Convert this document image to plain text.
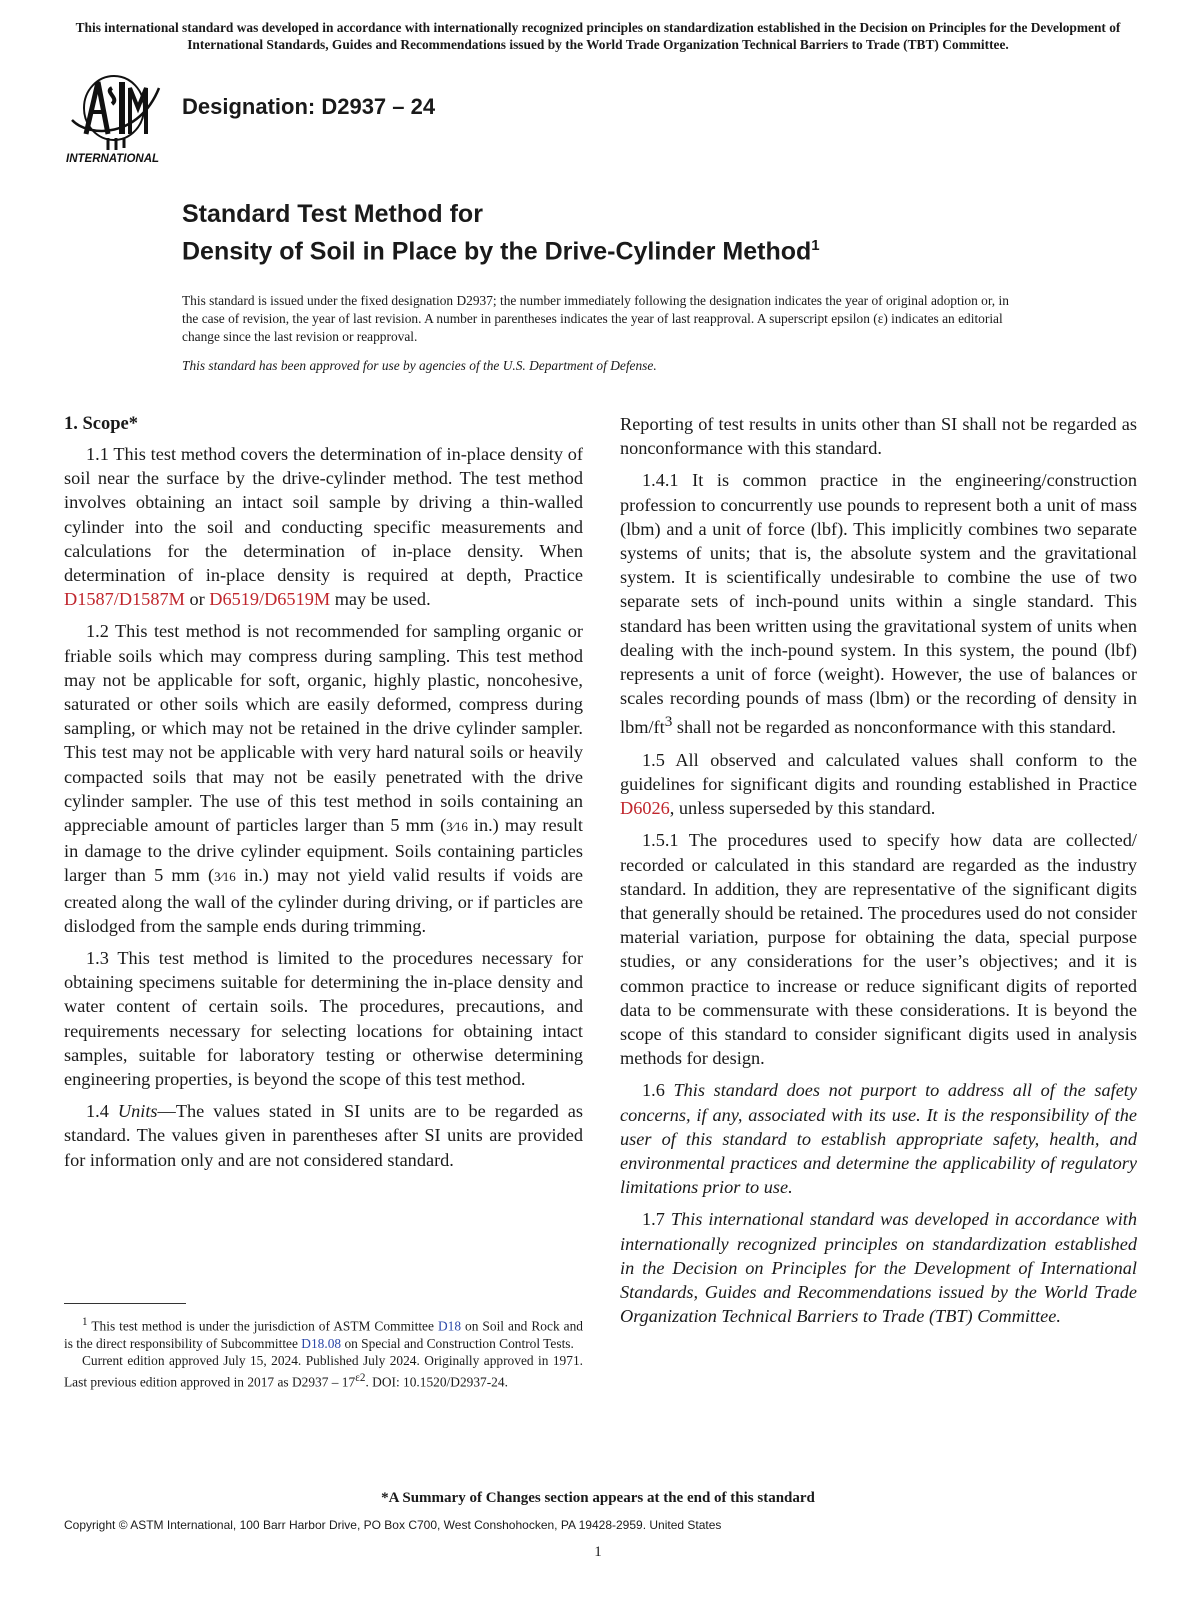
This international standard was developed in accordance with internationally recognized principles on standardization established in the Decision on Principles for the Development of International Standards, Guides and Recommendations issued by the World Trade Organization Technical Barriers to Trade (TBT) Committee.
INTERNATIONAL
Designation: D2937 – 24
Standard Test Method for
Density of Soil in Place by the Drive-Cylinder Method$^1$
This standard is issued under the fixed designation D2937; the number immediately following the designation indicates the year of original adoption or, in the case of revision, the year of last revision. A number in parentheses indicates the year of last reapproval. A superscript epsilon (ε) indicates an editorial change since the last revision or reapproval.
This standard has been approved for use by agencies of the U.S. Department of Defense.
1. Scope*

1.1 This test method covers the determination of in-place density of soil near the surface by the drive-cylinder method. The test method involves obtaining an intact soil sample by driving a thin-walled cylinder into the soil and conducting specific measurements and calculations for the determination of in-place density. When determination of in-place density is required at depth, Practice D1587/D1587M or D6519/D6519M may be used.

1.2 This test method is not recommended for sampling organic or friable soils which may compress during sampling. This test method may not be applicable for soft, organic, highly plastic, noncohesive, saturated or other soils which are easily deformed, compress during sampling, or which may not be retained in the drive cylinder sampler. This test may not be applicable with very hard natural soils or heavily compacted soils that may not be easily penetrated with the drive cylinder sampler. The use of this test method in soils containing an appreciable amount of particles larger than 5 mm (3⁄16 in.) may result in damage to the drive cylinder equipment. Soils containing particles larger than 5 mm (3⁄16 in.) may not yield valid results if voids are created along the wall of the cylinder during driving, or if particles are dislodged from the sample ends during trimming.

1.3 This test method is limited to the procedures necessary for obtaining specimens suitable for determining the in-place density and water content of certain soils. The procedures, precautions, and requirements necessary for selecting locations for obtaining intact samples, suitable for laboratory testing or otherwise determining engineering properties, is beyond the scope of this test method.

1.4 Units—The values stated in SI units are to be regarded as standard. The values given in parentheses after SI units are provided for information only and are not considered standard.

$^1$ This test method is under the jurisdiction of ASTM Committee D18 on Soil and Rock and is the direct responsibility of Subcommittee D18.08 on Special and Construction Control Tests.

Current edition approved July 15, 2024. Published July 2024. Originally approved in 1971. Last previous edition approved in 2017 as $D2937 - 17^{\varepsilon 2}$. DOI: 10.1520/D2937-24.

Reporting of test results in units other than SI shall not be regarded as nonconformance with this standard.

1.4.1 It is common practice in the engineering/construction profession to concurrently use pounds to represent both a unit of mass (lbm) and a unit of force (lbf). This implicitly combines two separate systems of units; that is, the absolute system and the gravitational system. It is scientifically undesirable to combine the use of two separate sets of inch-pound units within a single standard. This standard has been written using the gravitational system of units when dealing with the inch-pound system. In this system, the pound (lbf) represents a unit of force (weight). However, the use of balances or scales recording pounds of mass (lbm) or the recording of density in lbm/$ft^3$ shall not be regarded as nonconformance with this standard.

1.5 All observed and calculated values shall conform to the guidelines for significant digits and rounding established in Practice D6026, unless superseded by this standard.

1.5.1 The procedures used to specify how data are collected/ recorded or calculated in this standard are regarded as the industry standard. In addition, they are representative of the significant digits that generally should be retained. The procedures used do not consider material variation, purpose for obtaining the data, special purpose studies, or any considerations for the user’s objectives; and it is common practice to increase or reduce significant digits of reported data to be commensurate with these considerations. It is beyond the scope of this standard to consider significant digits used in analysis methods for design.

1.6 This standard does not purport to address all of the safety concerns, if any, associated with its use. It is the responsibility of the user of this standard to establish appropriate safety, health, and environmental practices and determine the applicability of regulatory limitations prior to use.

1.7 This international standard was developed in accordance with internationally recognized principles on standardization established in the Decision on Principles for the Development of International Standards, Guides and Recommendations issued by the World Trade Organization Technical Barriers to Trade (TBT) Committee.

*A Summary of Changes section appears at the end of this standard
Copyright © ASTM International, 100 Barr Harbor Drive, PO Box C700, West Conshohocken, PA 19428-2959. United States
1
